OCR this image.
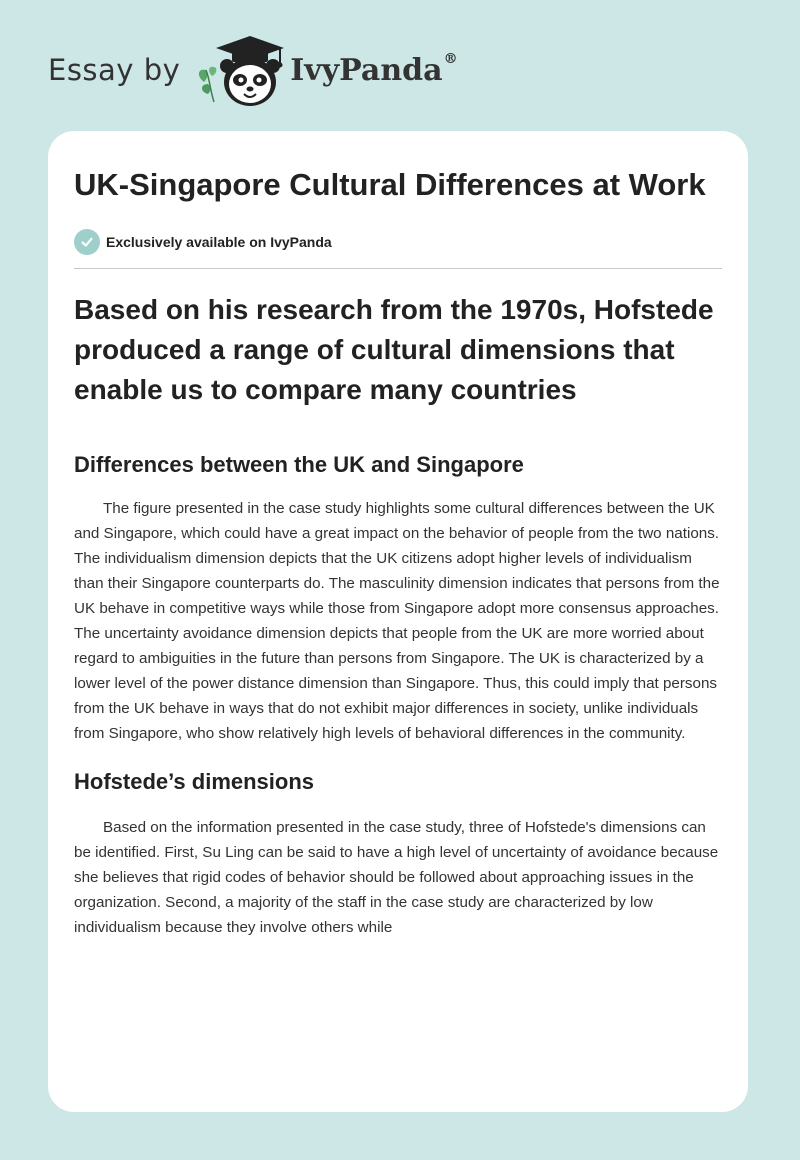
Essay by	IvyPanda®
UK-Singapore Cultural Differences at Work
Exclusively available on IvyPanda
Based on his research from the 1970s, Hofstede produced a range of cultural dimensions that enable us to compare many countries
Differences between the UK and Singapore

The figure presented in the case study highlights some cultural differences between the UK and Singapore, which could have a great impact on the behavior of people from the two nations. The individualism dimension depicts that the UK citizens adopt higher levels of individualism than their Singapore counterparts do. The masculinity dimension indicates that persons from the UK behave in competitive ways while those from Singapore adopt more consensus approaches. The uncertainty avoidance dimension depicts that people from the UK are more worried about regard to ambiguities in the future than persons from Singapore. The UK is characterized by a lower level of the power distance dimension than Singapore. Thus, this could imply that persons from the UK behave in ways that do not exhibit major differences in society, unlike individuals from Singapore, who show relatively high levels of behavioral differences in the community.

Hofstede’s dimensions

Based on the information presented in the case study, three of Hofstede's dimensions can be identified. First, Su Ling can be said to have a high level of uncertainty of avoidance because she believes that rigid codes of behavior should be followed about approaching issues in the organization. Second, a majority of the staff in the case study are characterized by low individualism because they involve others while
